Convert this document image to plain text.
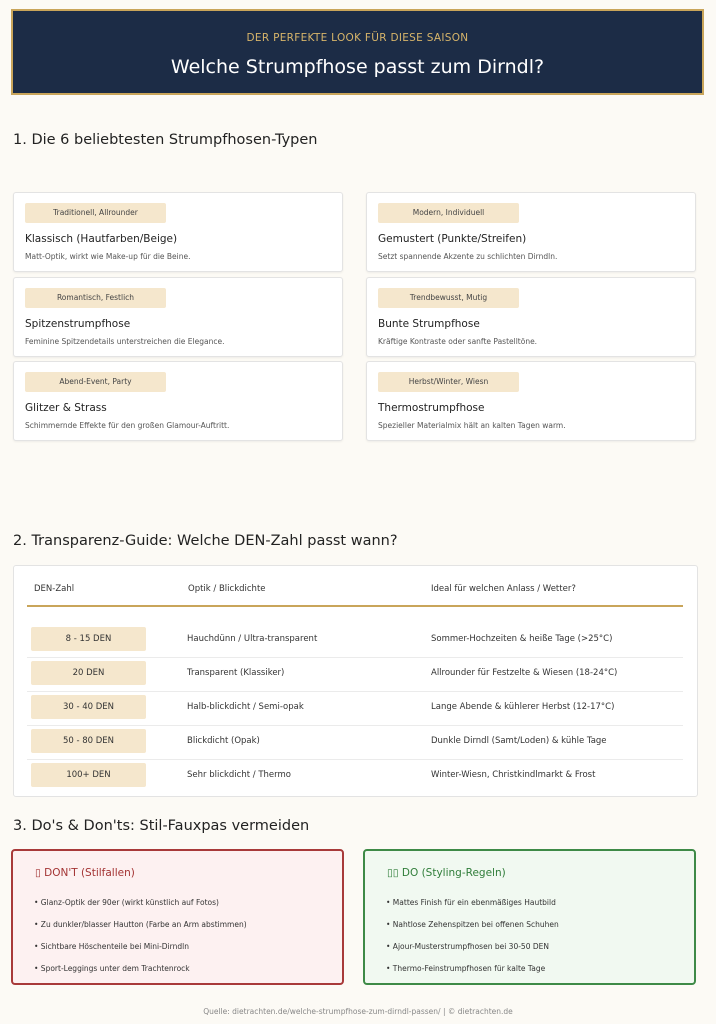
DER PERFEKTE LOOK FÜR DIESE SAISON
Welche Strumpfhose passt zum Dirndl?
1. Die 6 beliebtesten Strumpfhosen-Typen
Traditionell, Allrounder
Klassisch (Hautfarben/Beige)
Matt-Optik, wirkt wie Make-up für die Beine.
Modern, Individuell
Gemustert (Punkte/Streifen)
Setzt spannende Akzente zu schlichten Dirndln.
Romantisch, Festlich
Spitzenstrumpfhose
Feminine Spitzendetails unterstreichen die Elegance.
Trendbewusst, Mutig
Bunte Strumpfhose
Kräftige Kontraste oder sanfte Pastelltöne.
Abend-Event, Party
Glitzer & Strass
Schimmernde Effekte für den großen Glamour-Auftritt.
Herbst/Winter, Wiesn
Thermostrumpfhose
Spezieller Materialmix hält an kalten Tagen warm.
2. Transparenz-Guide: Welche DEN-Zahl passt wann?
DEN-Zahl	Optik / Blickdichte	Ideal für welchen Anlass / Wetter?
8 - 15 DEN	Hauchdünn / Ultra-transparent	Sommer-Hochzeiten & heiße Tage (>25°C)
20 DEN	Transparent (Klassiker)	Allrounder für Festzelte & Wiesen (18-24°C)
30 - 40 DEN	Halb-blickdicht / Semi-opak	Lange Abende & kühlerer Herbst (12-17°C)
50 - 80 DEN	Blickdicht (Opak)	Dunkle Dirndl (Samt/Loden) & kühle Tage
100+ DEN	Sehr blickdicht / Thermo	Winter-Wiesn, Christkindlmarkt & Frost
3. Do's & Don'ts: Stil-Fauxpas vermeiden
▯ DON'T (Stilfallen)
• Glanz-Optik der 90er (wirkt künstlich auf Fotos)
• Zu dunkler/blasser Hautton (Farbe an Arm abstimmen)
• Sichtbare Höschenteile bei Mini-Dirndln
• Sport-Leggings unter dem Trachtenrock
▯▯ DO (Styling-Regeln)
• Mattes Finish für ein ebenmäßiges Hautbild
• Nahtlose Zehenspitzen bei offenen Schuhen
• Ajour-Musterstrumpfhosen bei 30-50 DEN
• Thermo-Feinstrumpfhosen für kalte Tage
Quelle: dietrachten.de/welche-strumpfhose-zum-dirndl-passen/ | © dietrachten.de
